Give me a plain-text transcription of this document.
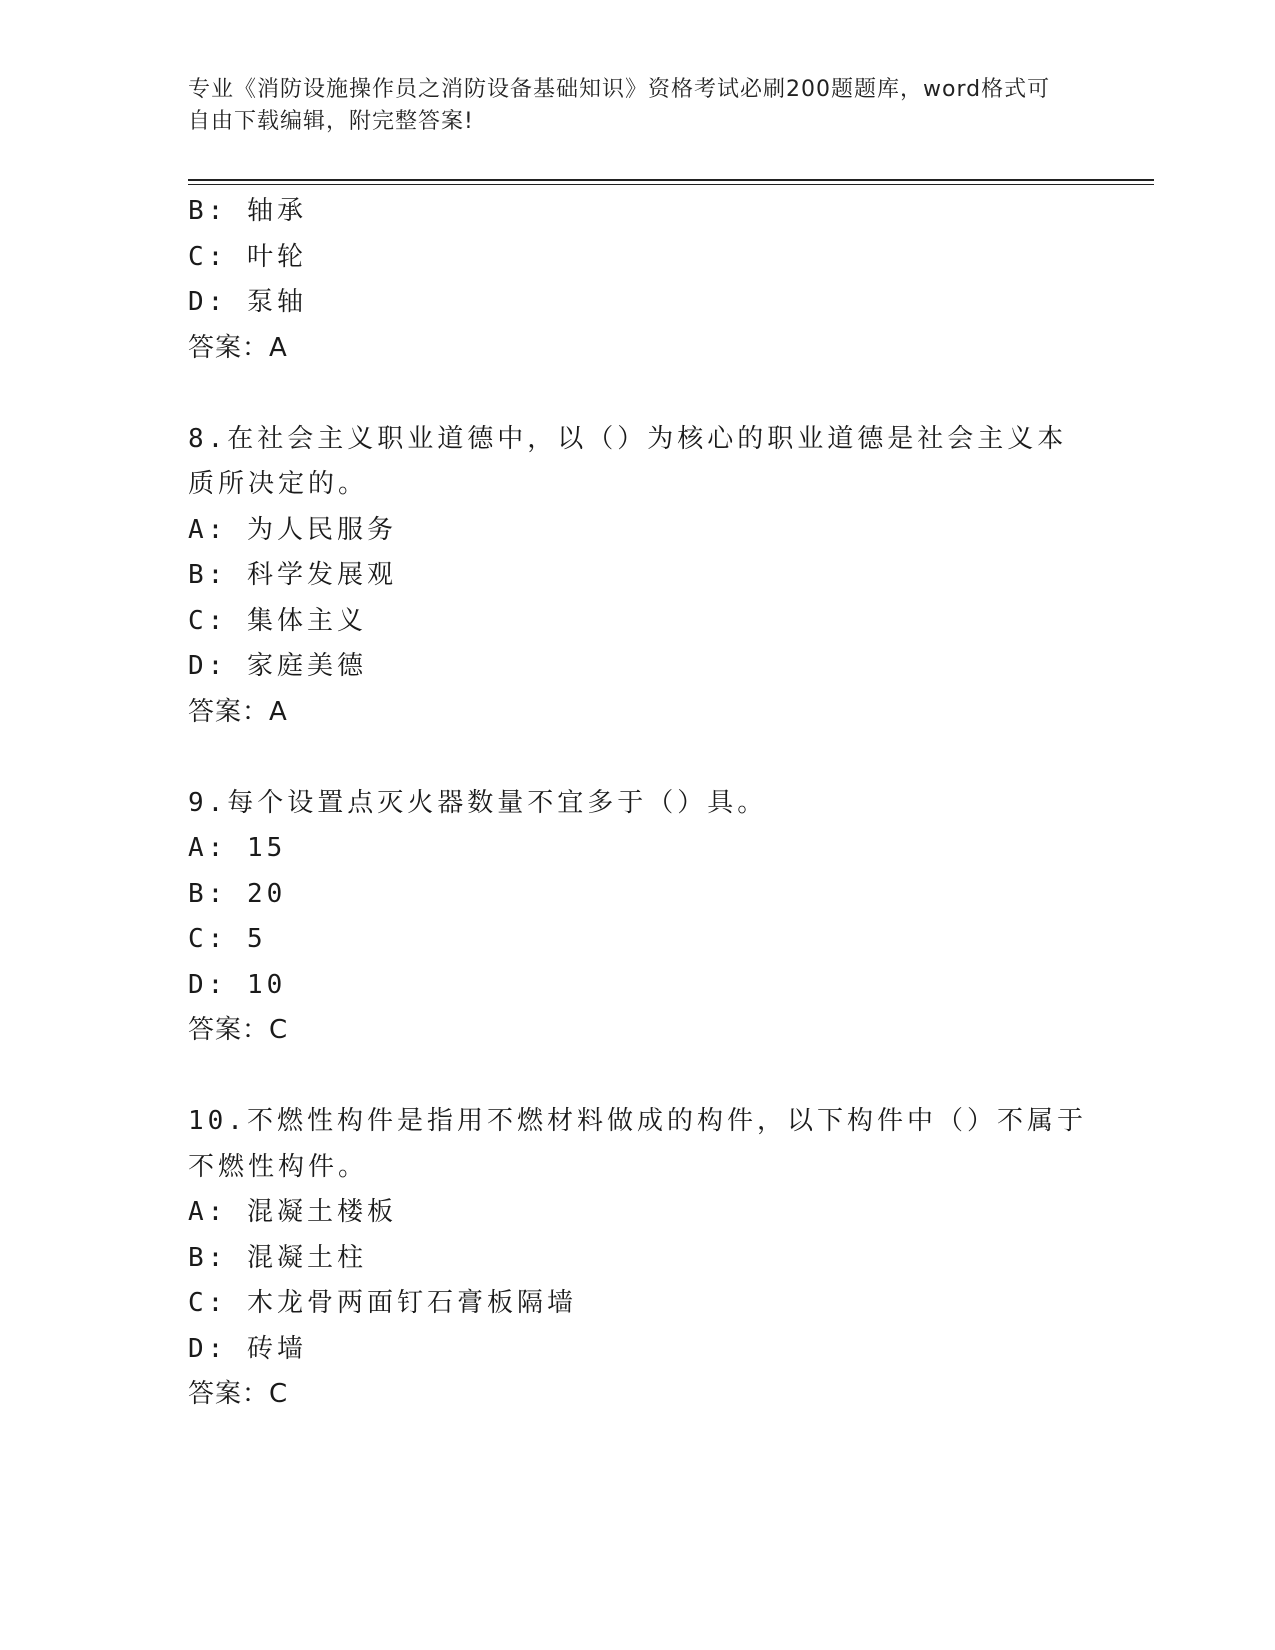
专业《消防设施操作员之消防设备基础知识》资格考试必刷200题题库，word格式可自由下载编辑，附完整答案!
B: 轴承
C: 叶轮
D: 泵轴
答案：A
8.在社会主义职业道德中，以（）为核心的职业道德是社会主义本质所决定的。
A: 为人民服务
B: 科学发展观
C: 集体主义
D: 家庭美德
答案：A
9.每个设置点灭火器数量不宜多于（）具。
A: 15
B: 20
C: 5
D: 10
答案：C
10.不燃性构件是指用不燃材料做成的构件，以下构件中（）不属于不燃性构件。
A: 混凝土楼板
B: 混凝土柱
C: 木龙骨两面钉石膏板隔墙
D: 砖墙
答案：C
